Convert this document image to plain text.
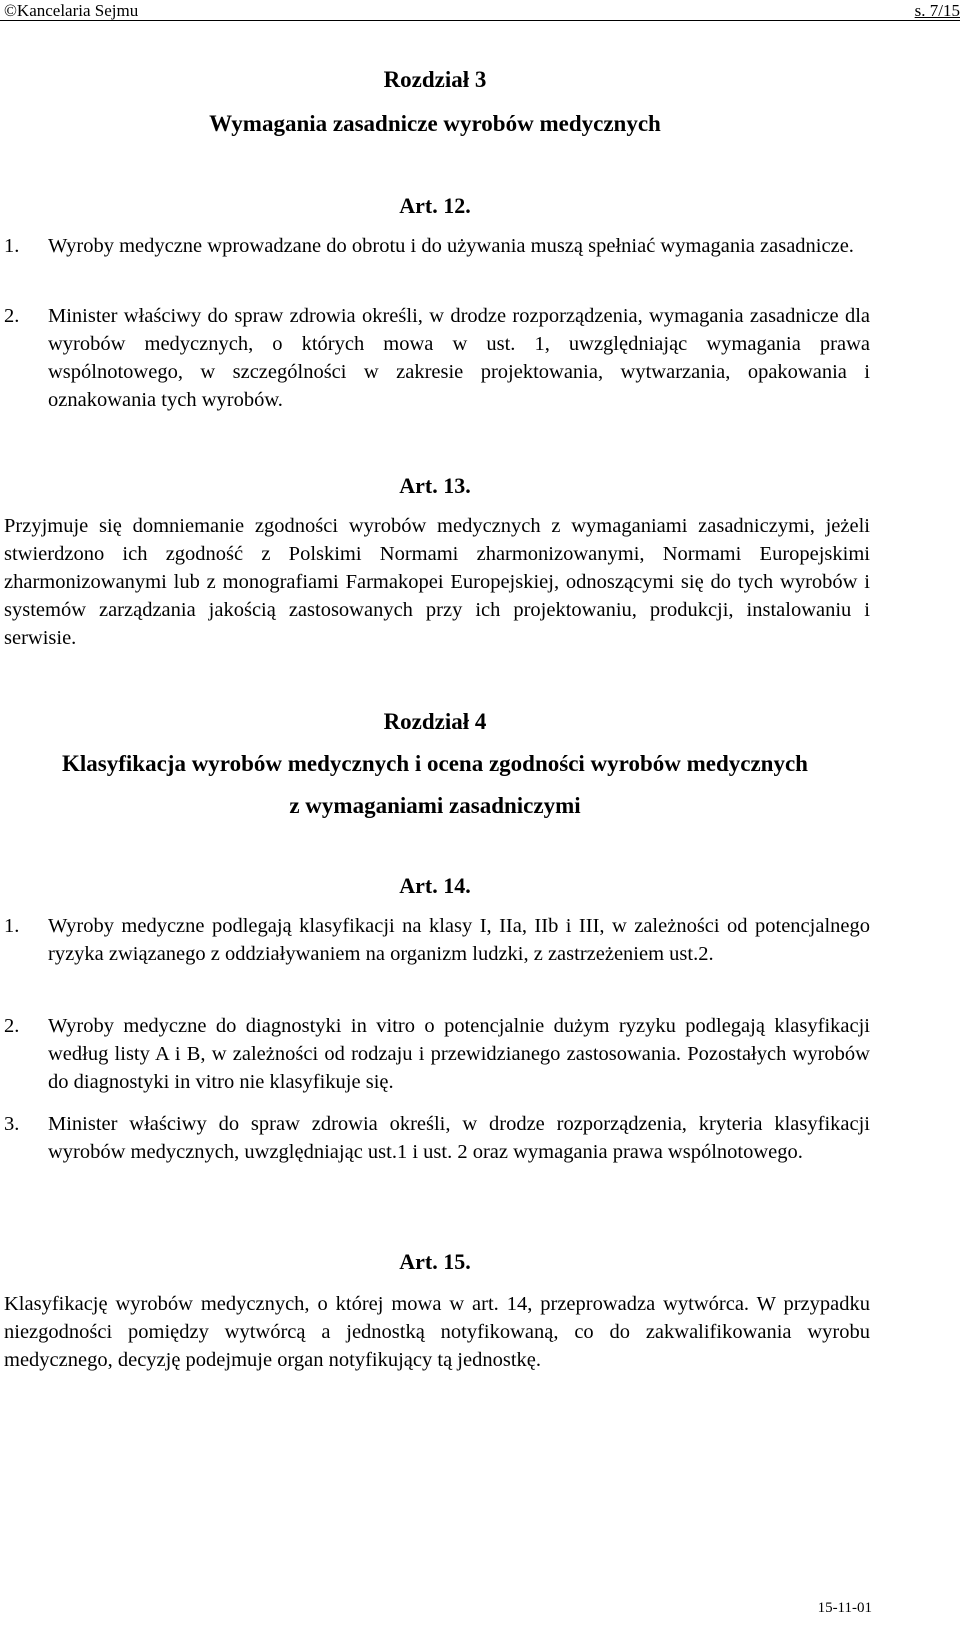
©Kancelaria Sejmu	s. 7/15
Rozdział 3
Wymagania zasadnicze wyrobów medycznych
Art. 12.
1. Wyroby medyczne wprowadzane do obrotu i do używania muszą spełniać wymagania zasadnicze.
2. Minister właściwy do spraw zdrowia określi, w drodze rozporządzenia, wymagania zasadnicze dla wyrobów medycznych, o których mowa w ust. 1, uwzględniając wymagania prawa wspólnotowego, w szczególności w zakresie projektowania, wytwarzania, opakowania i oznakowania tych wyrobów.
Art. 13.
Przyjmuje się domniemanie zgodności wyrobów medycznych z wymaganiami zasadniczymi, jeżeli stwierdzono ich zgodność z Polskimi Normami zharmonizowanymi, Normami Europejskimi zharmonizowanymi lub z monografiami Farmakopei Europejskiej, odnoszącymi się do tych wyrobów i systemów zarządzania jakością zastosowanych przy ich projektowaniu, produkcji, instalowaniu i serwisie.
Rozdział 4
Klasyfikacja wyrobów medycznych i ocena zgodności wyrobów medycznych
z wymaganiami zasadniczymi
Art. 14.
1. Wyroby medyczne podlegają klasyfikacji na klasy I, IIa, IIb i III, w zależności od potencjalnego ryzyka związanego z oddziaływaniem na organizm ludzki, z zastrzeżeniem ust.2.
2. Wyroby medyczne do diagnostyki in vitro o potencjalnie dużym ryzyku podlegają klasyfikacji według listy A i B, w zależności od rodzaju i przewidzianego zastosowania. Pozostałych wyrobów do diagnostyki in vitro nie klasyfikuje się.
3. Minister właściwy do spraw zdrowia określi, w drodze rozporządzenia, kryteria klasyfikacji wyrobów medycznych, uwzględniając ust.1 i ust. 2 oraz wymagania prawa wspólnotowego.
Art. 15.
Klasyfikację wyrobów medycznych, o której mowa w art. 14, przeprowadza wytwórca. W przypadku niezgodności pomiędzy wytwórcą a jednostką notyfikowaną, co do zakwalifikowania wyrobu medycznego, decyzję podejmuje organ notyfikujący tą jednostkę.
15-11-01
